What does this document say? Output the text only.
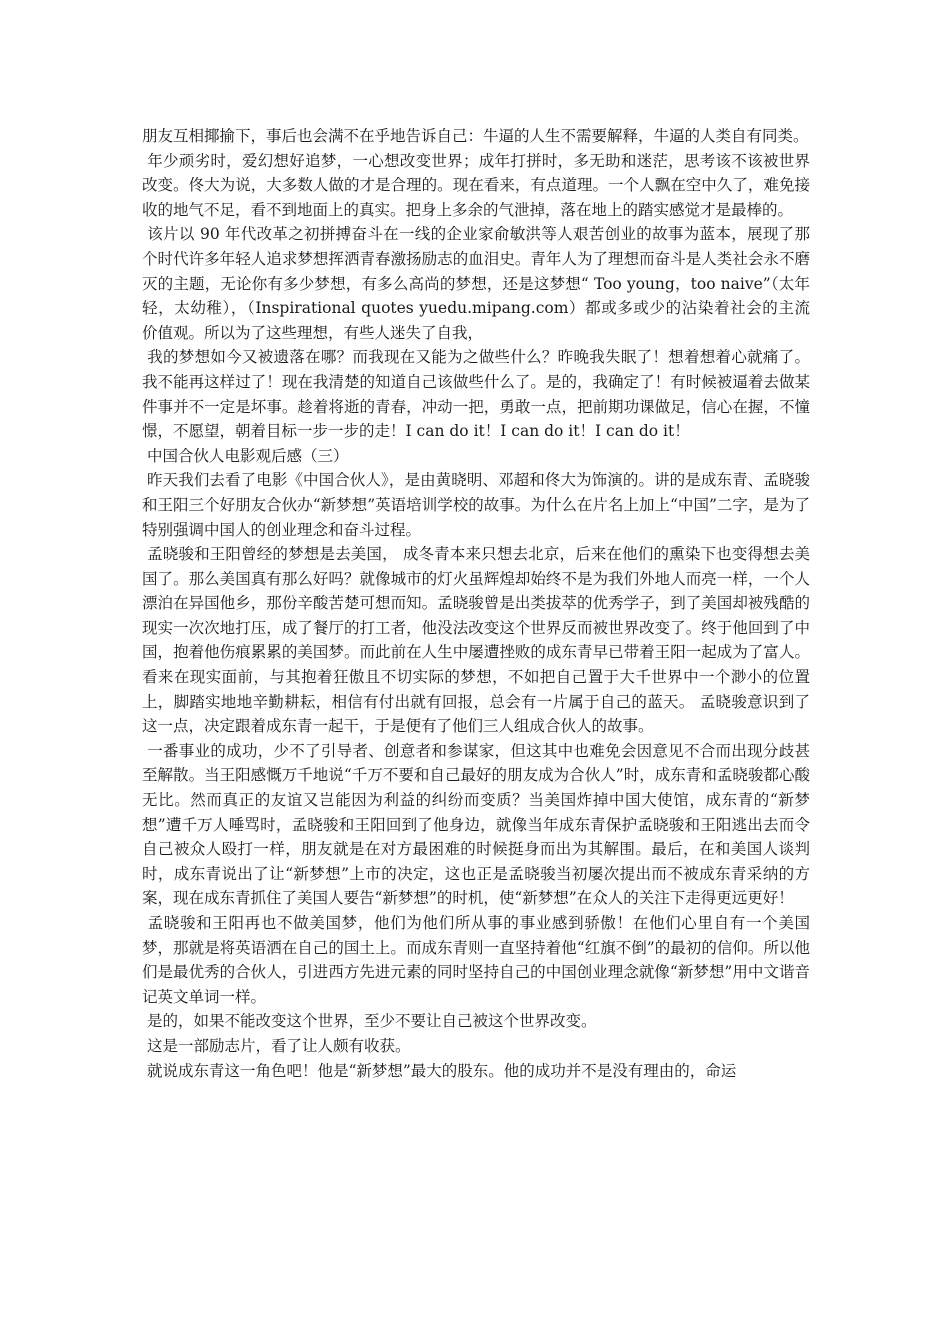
朋友互相揶揄下，事后也会满不在乎地告诉自己：牛逼的人生不需要解释，牛逼的人类自有同类。

年少顽劣时，爱幻想好追梦，一心想改变世界；成年打拼时，多无助和迷茫，思考该不该被世界改变。佟大为说，大多数人做的才是合理的。现在看来，有点道理。一个人飘在空中久了，难免接收的地气不足，看不到地面上的真实。把身上多余的气泄掉，落在地上的踏实感觉才是最棒的。

该片以 90 年代改革之初拼搏奋斗在一线的企业家俞敏洪等人艰苦创业的故事为蓝本，展现了那个时代许多年轻人追求梦想挥洒青春激扬励志的血泪史。青年人为了理想而奋斗是人类社会永不磨灭的主题，无论你有多少梦想，有多么高尚的梦想，还是这梦想“ Too young，too naive”（太年轻，太幼稚），（Inspirational quotes yuedu.mipang.com）都或多或少的沾染着社会的主流价值观。所以为了这些理想，有些人迷失了自我，

我的梦想如今又被遗落在哪？而我现在又能为之做些什么？昨晚我失眠了！想着想着心就痛了。我不能再这样过了！现在我清楚的知道自己该做些什么了。是的，我确定了！有时候被逼着去做某件事并不一定是坏事。趁着将逝的青春，冲动一把，勇敢一点，把前期功课做足，信心在握，不憧憬，不愿望，朝着目标一步一步的走！I can do it！I can do it！I can do it！

中国合伙人电影观后感（三）

昨天我们去看了电影《中国合伙人》，是由黄晓明、邓超和佟大为饰演的。讲的是成东青、孟晓骏和王阳三个好朋友合伙办“新梦想”英语培训学校的故事。为什么在片名上加上“中国”二字，是为了特别强调中国人的创业理念和奋斗过程。

孟晓骏和王阳曾经的梦想是去美国， 成冬青本来只想去北京，后来在他们的熏染下也变得想去美国了。那么美国真有那么好吗？就像城市的灯火虽辉煌却始终不是为我们外地人而亮一样，一个人漂泊在异国他乡，那份辛酸苦楚可想而知。孟晓骏曾是出类拔萃的优秀学子，到了美国却被残酷的现实一次次地打压，成了餐厅的打工者，他没法改变这个世界反而被世界改变了。终于他回到了中国，抱着他伤痕累累的美国梦。而此前在人生中屡遭挫败的成东青早已带着王阳一起成为了富人。看来在现实面前，与其抱着狂傲且不切实际的梦想，不如把自己置于大千世界中一个渺小的位置上，脚踏实地地辛勤耕耘，相信有付出就有回报，总会有一片属于自己的蓝天。 孟晓骏意识到了这一点，决定跟着成东青一起干，于是便有了他们三人组成合伙人的故事。

一番事业的成功，少不了引导者、创意者和参谋家，但这其中也难免会因意见不合而出现分歧甚至解散。当王阳感慨万千地说“千万不要和自己最好的朋友成为合伙人”时，成东青和孟晓骏都心酸无比。然而真正的友谊又岂能因为利益的纠纷而变质？当美国炸掉中国大使馆，成东青的“新梦想”遭千万人唾骂时，孟晓骏和王阳回到了他身边，就像当年成东青保护孟晓骏和王阳逃出去而令自己被众人殴打一样，朋友就是在对方最困难的时候挺身而出为其解围。最后，在和美国人谈判时，成东青说出了让“新梦想”上市的决定，这也正是孟晓骏当初屡次提出而不被成东青采纳的方案，现在成东青抓住了美国人要告“新梦想”的时机，使“新梦想”在众人的关注下走得更远更好！

孟晓骏和王阳再也不做美国梦，他们为他们所从事的事业感到骄傲！在他们心里自有一个美国梦，那就是将英语洒在自己的国土上。而成东青则一直坚持着他“红旗不倒”的最初的信仰。所以他们是最优秀的合伙人，引进西方先进元素的同时坚持自己的中国创业理念就像“新梦想”用中文谐音记英文单词一样。

是的，如果不能改变这个世界，至少不要让自己被这个世界改变。

这是一部励志片，看了让人颇有收获。

就说成东青这一角色吧！他是“新梦想”最大的股东。他的成功并不是没有理由的，命运
